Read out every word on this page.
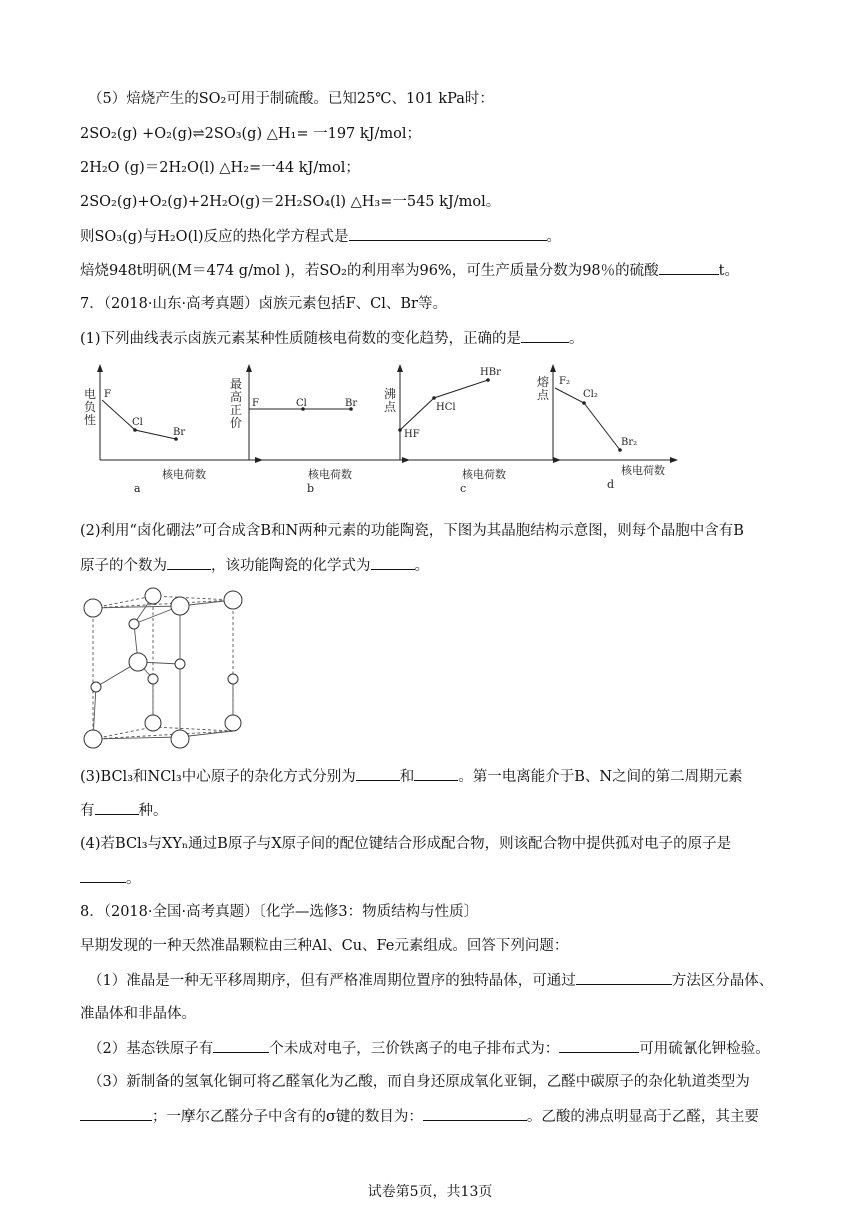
（5）焙烧产生的SO₂可用于制硫酸。已知25℃、101 kPa时：
2SO₂(g) +O₂(g)⇌2SO₃(g) △H₁= 一197 kJ/mol；
2H₂O (g)＝2H₂O(l) △H₂=一44 kJ/mol；
2SO₂(g)+O₂(g)+2H₂O(g)＝2H₂SO₄(l) △H₃=一545 kJ/mol。
则SO₃(g)与H₂O(l)反应的热化学方程式是	。
焙烧948t明矾(M＝474 g/mol )，若SO₂的利用率为96%，可生产质量分数为98％的硫酸	t。
7．（2018·山东·高考真题）卤族元素包括F、Cl、Br等。
(1)下列曲线表示卤族元素某种性质随核电荷数的变化趋势，正确的是	。
电
负
性
F
Cl
Br
核电荷数
a
最
高
正
价
F	Cl	Br
核电荷数
b
沸
点
HF
HCl
HBr
核电荷数
c
熔
点
F₂
Cl₂
Br₂
核电荷数
d
(2)利用“卤化硼法”可合成含B和N两种元素的功能陶瓷，下图为其晶胞结构示意图，则每个晶胞中含有B
原子的个数为	，该功能陶瓷的化学式为	。
(3)BCl₃和NCl₃中心原子的杂化方式分别为	和	。第一电离能介于B、N之间的第二周期元素
有	种。
(4)若BCl₃与XYₙ通过B原子与X原子间的配位键结合形成配合物，则该配合物中提供孤对电子的原子是
。
8．（2018·全国·高考真题）〔化学—选修3：物质结构与性质〕
早期发现的一种天然准晶颗粒由三种Al、Cu、Fe元素组成。回答下列问题：
（1）准晶是一种无平移周期序，但有严格准周期位置序的独特晶体，可通过	方法区分晶体、
准晶体和非晶体。
（2）基态铁原子有	个未成对电子，三价铁离子的电子排布式为：	可用硫氰化钾检验。
（3）新制备的氢氧化铜可将乙醛氧化为乙酸，而自身还原成氧化亚铜，乙醛中碳原子的杂化轨道类型为
；一摩尔乙醛分子中含有的σ键的数目为：	。乙酸的沸点明显高于乙醛，其主要
试卷第5页，共13页
